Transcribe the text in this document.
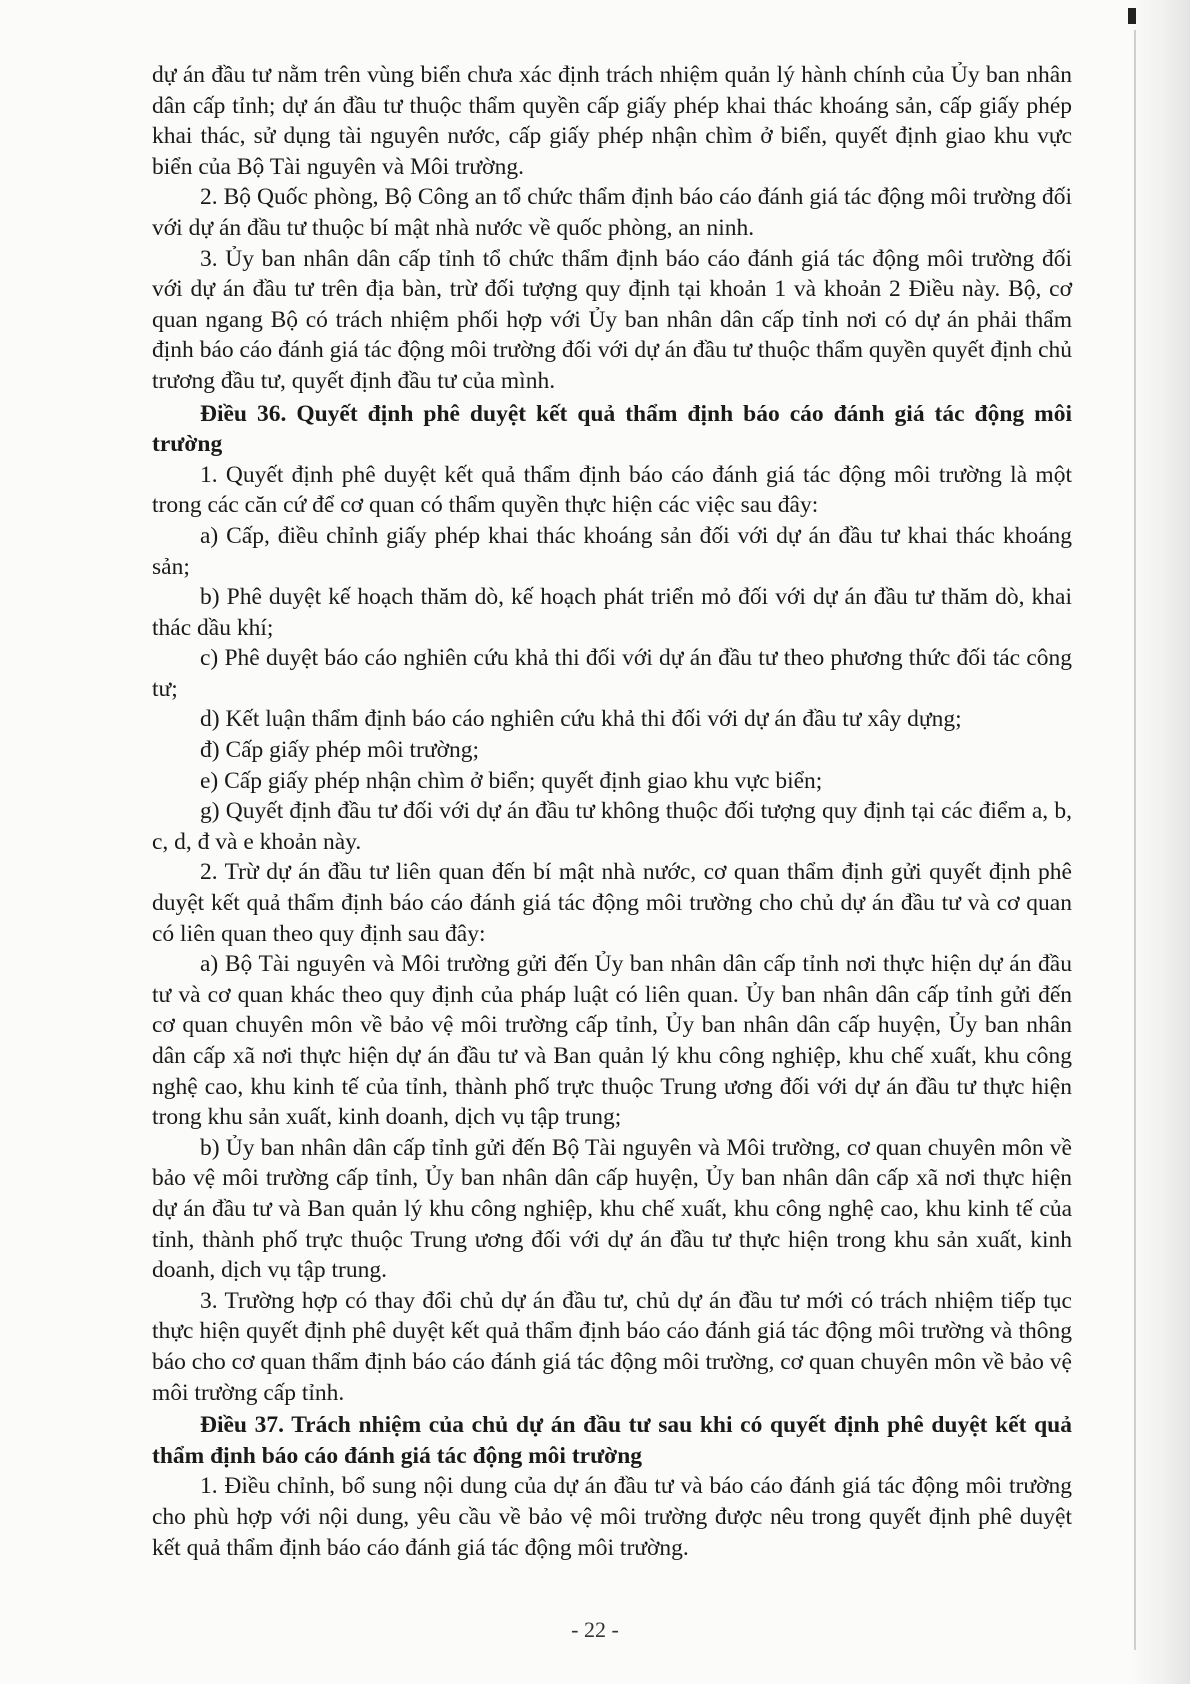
dự án đầu tư nằm trên vùng biển chưa xác định trách nhiệm quản lý hành chính của Ủy ban nhân dân cấp tỉnh; dự án đầu tư thuộc thẩm quyền cấp giấy phép khai thác khoáng sản, cấp giấy phép khai thác, sử dụng tài nguyên nước, cấp giấy phép nhận chìm ở biển, quyết định giao khu vực biển của Bộ Tài nguyên và Môi trường.

2. Bộ Quốc phòng, Bộ Công an tổ chức thẩm định báo cáo đánh giá tác động môi trường đối với dự án đầu tư thuộc bí mật nhà nước về quốc phòng, an ninh.

3. Ủy ban nhân dân cấp tỉnh tổ chức thẩm định báo cáo đánh giá tác động môi trường đối với dự án đầu tư trên địa bàn, trừ đối tượng quy định tại khoản 1 và khoản 2 Điều này. Bộ, cơ quan ngang Bộ có trách nhiệm phối hợp với Ủy ban nhân dân cấp tỉnh nơi có dự án phải thẩm định báo cáo đánh giá tác động môi trường đối với dự án đầu tư thuộc thẩm quyền quyết định chủ trương đầu tư, quyết định đầu tư của mình.

Điều 36. Quyết định phê duyệt kết quả thẩm định báo cáo đánh giá tác động môi trường

1. Quyết định phê duyệt kết quả thẩm định báo cáo đánh giá tác động môi trường là một trong các căn cứ để cơ quan có thẩm quyền thực hiện các việc sau đây:

a) Cấp, điều chỉnh giấy phép khai thác khoáng sản đối với dự án đầu tư khai thác khoáng sản;

b) Phê duyệt kế hoạch thăm dò, kế hoạch phát triển mỏ đối với dự án đầu tư thăm dò, khai thác dầu khí;

c) Phê duyệt báo cáo nghiên cứu khả thi đối với dự án đầu tư theo phương thức đối tác công tư;

d) Kết luận thẩm định báo cáo nghiên cứu khả thi đối với dự án đầu tư xây dựng;

đ) Cấp giấy phép môi trường;

e) Cấp giấy phép nhận chìm ở biển; quyết định giao khu vực biển;

g) Quyết định đầu tư đối với dự án đầu tư không thuộc đối tượng quy định tại các điểm a, b, c, d, đ và e khoản này.

2. Trừ dự án đầu tư liên quan đến bí mật nhà nước, cơ quan thẩm định gửi quyết định phê duyệt kết quả thẩm định báo cáo đánh giá tác động môi trường cho chủ dự án đầu tư và cơ quan có liên quan theo quy định sau đây:

a) Bộ Tài nguyên và Môi trường gửi đến Ủy ban nhân dân cấp tỉnh nơi thực hiện dự án đầu tư và cơ quan khác theo quy định của pháp luật có liên quan. Ủy ban nhân dân cấp tỉnh gửi đến cơ quan chuyên môn về bảo vệ môi trường cấp tỉnh, Ủy ban nhân dân cấp huyện, Ủy ban nhân dân cấp xã nơi thực hiện dự án đầu tư và Ban quản lý khu công nghiệp, khu chế xuất, khu công nghệ cao, khu kinh tế của tỉnh, thành phố trực thuộc Trung ương đối với dự án đầu tư thực hiện trong khu sản xuất, kinh doanh, dịch vụ tập trung;

b) Ủy ban nhân dân cấp tỉnh gửi đến Bộ Tài nguyên và Môi trường, cơ quan chuyên môn về bảo vệ môi trường cấp tỉnh, Ủy ban nhân dân cấp huyện, Ủy ban nhân dân cấp xã nơi thực hiện dự án đầu tư và Ban quản lý khu công nghiệp, khu chế xuất, khu công nghệ cao, khu kinh tế của tỉnh, thành phố trực thuộc Trung ương đối với dự án đầu tư thực hiện trong khu sản xuất, kinh doanh, dịch vụ tập trung.

3. Trường hợp có thay đổi chủ dự án đầu tư, chủ dự án đầu tư mới có trách nhiệm tiếp tục thực hiện quyết định phê duyệt kết quả thẩm định báo cáo đánh giá tác động môi trường và thông báo cho cơ quan thẩm định báo cáo đánh giá tác động môi trường, cơ quan chuyên môn về bảo vệ môi trường cấp tỉnh.

Điều 37. Trách nhiệm của chủ dự án đầu tư sau khi có quyết định phê duyệt kết quả thẩm định báo cáo đánh giá tác động môi trường

1. Điều chỉnh, bổ sung nội dung của dự án đầu tư và báo cáo đánh giá tác động môi trường cho phù hợp với nội dung, yêu cầu về bảo vệ môi trường được nêu trong quyết định phê duyệt kết quả thẩm định báo cáo đánh giá tác động môi trường.

- 22 -
